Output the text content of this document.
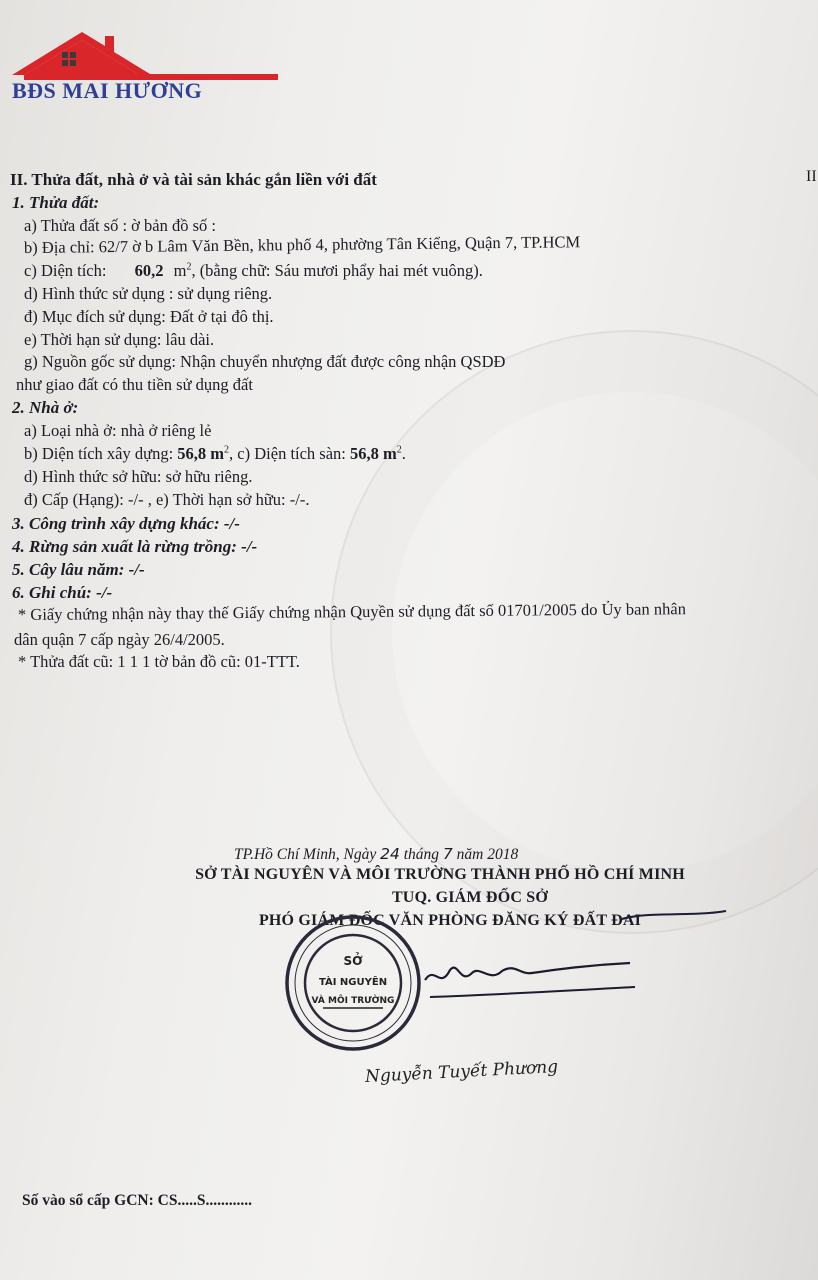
BĐS MAI HƯƠNG
II
II. Thửa đất, nhà ở và tài sản khác gắn liền với đất
1. Thửa đất:
a) Thửa đất số : ờ bản đồ số :
b) Địa chỉ: 62/7 ờ b Lâm Văn Bền, khu phố 4, phường Tân Kiểng, Quận 7, TP.HCM
c) Diện tích: 60,2 $m^2$, (bằng chữ: Sáu mươi phẩy hai mét vuông).
d) Hình thức sử dụng : sử dụng riêng.
đ) Mục đích sử dụng: Đất ở tại đô thị.
e) Thời hạn sử dụng: lâu dài.
g) Nguồn gốc sử dụng: Nhận chuyển nhượng đất được công nhận QSDĐ
như giao đất có thu tiền sử dụng đất
2. Nhà ở:
a) Loại nhà ở: nhà ở riêng lẻ
b) Diện tích xây dựng: 56,8 $m^2$, c) Diện tích sàn: 56,8 $m^2$.
d) Hình thức sở hữu: sở hữu riêng.
đ) Cấp (Hạng): -/- , e) Thời hạn sở hữu: -/-.
3. Công trình xây dựng khác: -/-
4. Rừng sản xuất là rừng trồng: -/-
5. Cây lâu năm: -/-
6. Ghi chú: -/-
* Giấy chứng nhận này thay thế Giấy chứng nhận Quyền sử dụng đất số 01701/2005 do Ủy ban nhân
dân quận 7 cấp ngày 26/4/2005.
* Thửa đất cũ: 1 1 1 tờ bản đồ cũ: 01-TTT.
TP.Hồ Chí Minh, Ngày 24 tháng 7 năm 2018
SỞ TÀI NGUYÊN VÀ MÔI TRƯỜNG THÀNH PHỐ HỒ CHÍ MINH
TUQ. GIÁM ĐỐC SỞ
PHÓ GIÁM ĐỐC VĂN PHÒNG ĐĂNG KÝ ĐẤT ĐAI
SỞ
TÀI NGUYÊN
VÀ MÔI TRƯỜNG
Nguyễn Tuyết Phương
Số vào sổ cấp GCN: CS.....S............
